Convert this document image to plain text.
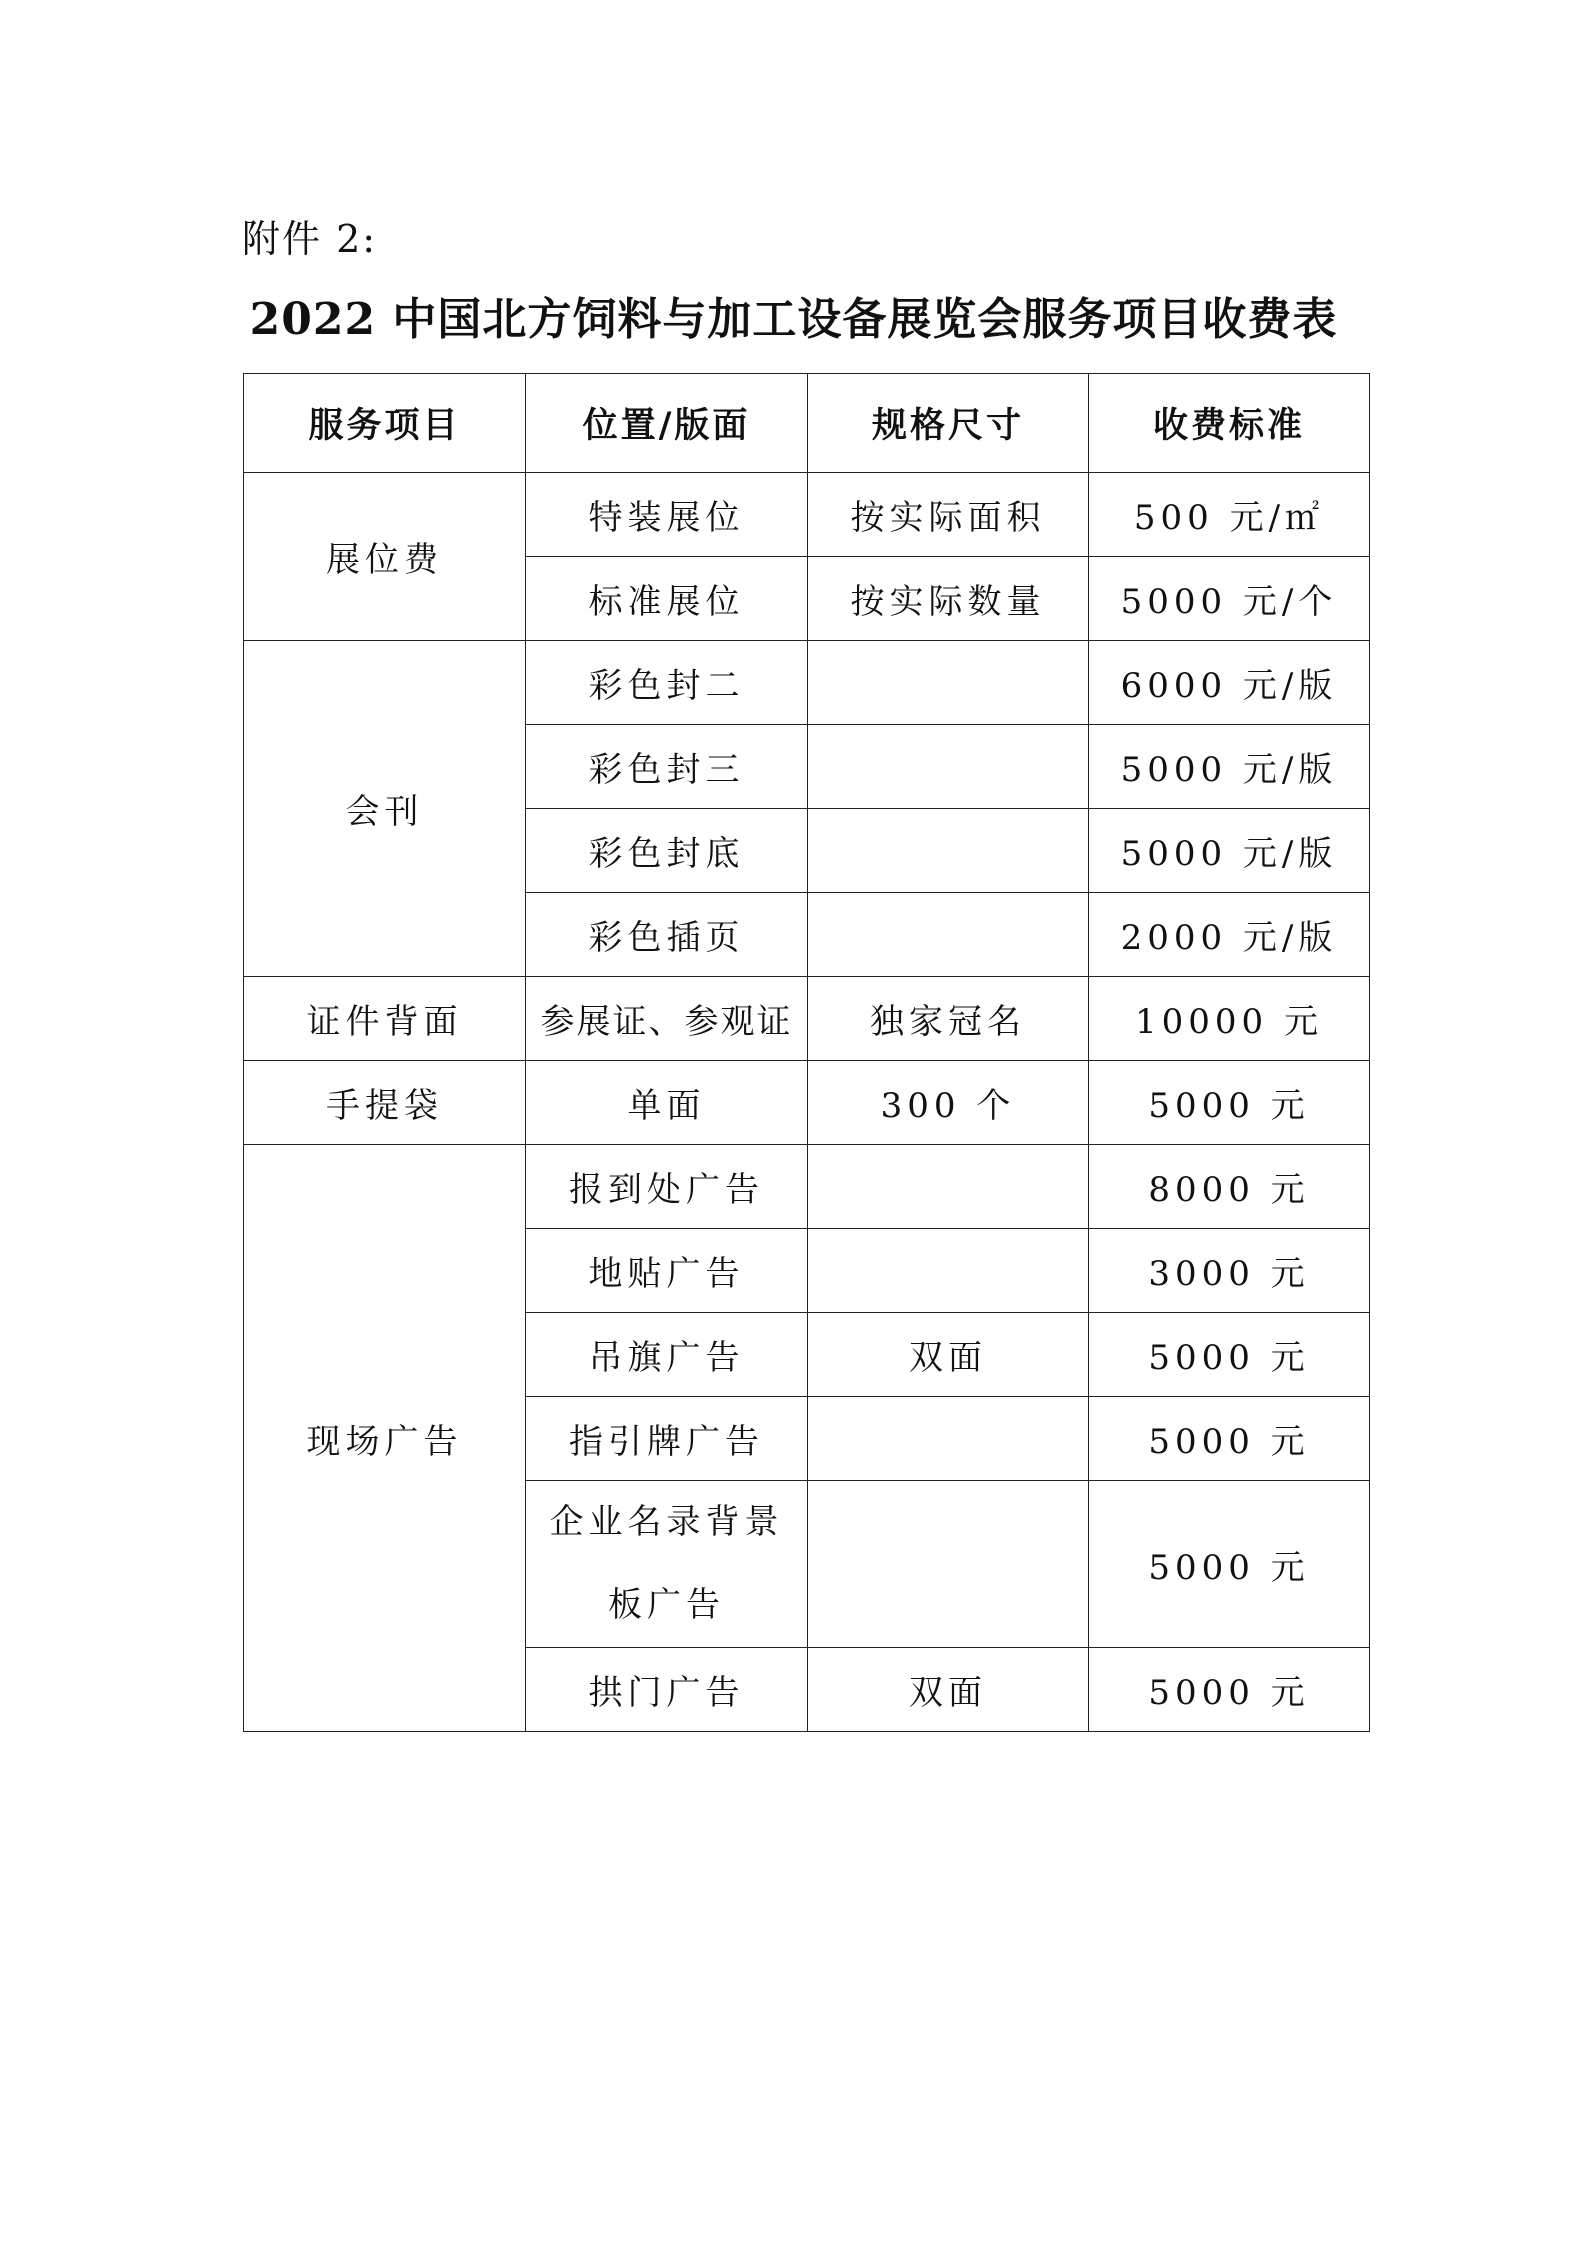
附件 2:
2022 中国北方饲料与加工设备展览会服务项目收费表
服务项目	位置/版面	规格尺寸	收费标准
展位费	特装展位	按实际面积	500 元/㎡
	标准展位	按实际数量	5000 元/个
会刊	彩色封二		6000 元/版
	彩色封三		5000 元/版
	彩色封底		5000 元/版
	彩色插页		2000 元/版
证件背面	参展证、参观证	独家冠名	10000 元
手提袋	单面	300 个	5000 元
现场广告	报到处广告		8000 元
	地贴广告		3000 元
	吊旗广告	双面	5000 元
	指引牌广告		5000 元
	企业名录背景板广告		5000 元
	拱门广告	双面	5000 元
